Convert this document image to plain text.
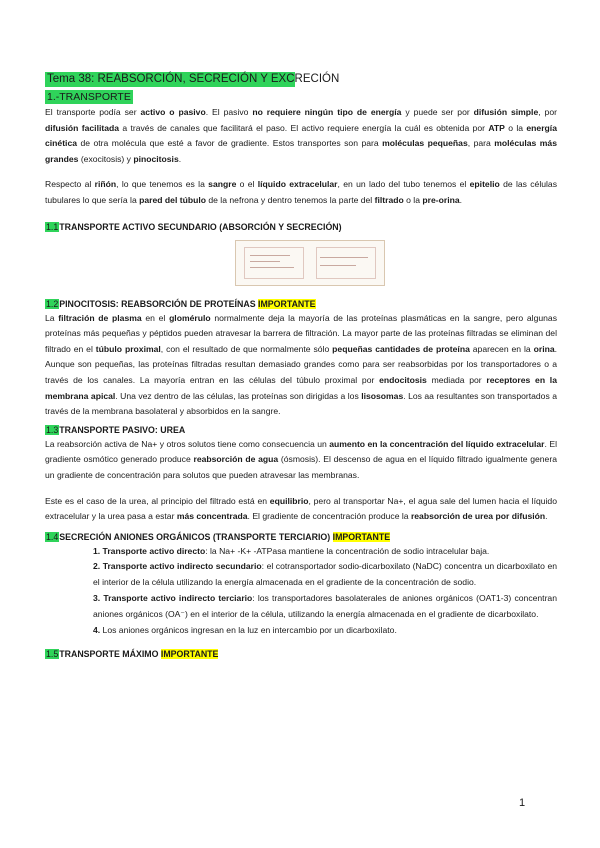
Tema 38: REABSORCIÓN, SECRECIÓN Y EXCRECIÓN
1.-TRANSPORTE

El transporte podía ser activo o pasivo. El pasivo no requiere ningún tipo de energía y puede ser por difusión simple, por difusión facilitada a través de canales que facilitará el paso. El activo requiere energía la cuál es obtenida por ATP o la energía cinética de otra molécula que esté a favor de gradiente. Estos transportes son para moléculas pequeñas, para moléculas más grandes (exocitosis) y pinocitosis.

Respecto al riñón, lo que tenemos es la sangre o el líquido extracelular, en un lado del tubo tenemos el epitelio de las células tubulares lo que sería la pared del túbulo de la nefrona y dentro tenemos la parte del filtrado o la pre-orina.

1.1TRANSPORTE ACTIVO SECUNDARIO (ABSORCIÓN Y SECRECIÓN)
1.2PINOCITOSIS: REABSORCIÓN DE PROTEÍNAS IMPORTANTE

La filtración de plasma en el glomérulo normalmente deja la mayoría de las proteínas plasmáticas en la sangre, pero algunas proteínas más pequeñas y péptidos pueden atravesar la barrera de filtración. La mayor parte de las proteínas filtradas se eliminan del filtrado en el túbulo proximal, con el resultado de que normalmente sólo pequeñas cantidades de proteína aparecen en la orina. Aunque son pequeñas, las proteínas filtradas resultan demasiado grandes como para ser reabsorbidas por los transportadores o a través de los canales. La mayoría entran en las células del túbulo proximal por endocitosis mediada por receptores en la membrana apical. Una vez dentro de las células, las proteínas son dirigidas a los lisosomas. Los aa resultantes son transportados a través de la membrana basolateral y absorbidos en la sangre.

1.3TRANSPORTE PASIVO: UREA

La reabsorción activa de Na+ y otros solutos tiene como consecuencia un aumento en la concentración del líquido extracelular. El gradiente osmótico generado produce reabsorción de agua (ósmosis). El descenso de agua en el líquido filtrado igualmente genera un gradiente de concentración para solutos que pueden atravesar las membranas.

Este es el caso de la urea, al principio del filtrado está en equilibrio, pero al transportar Na+, el agua sale del lumen hacia el líquido extracelular y la urea pasa a estar más concentrada. El gradiente de concentración produce la reabsorción de urea por difusión.

1.4SECRECIÓN ANIONES ORGÁNICOS (TRANSPORTE TERCIARIO) IMPORTANTE

1. Transporte activo directo: la Na+ -K+ -ATPasa mantiene la concentración de sodio intracelular baja.

2. Transporte activo indirecto secundario: el cotransportador sodio-dicarboxilato (NaDC) concentra un dicarboxilato en el interior de la célula utilizando la energía almacenada en el gradiente de la concentración de sodio.

3. Transporte activo indirecto terciario: los transportadores basolaterales de aniones orgánicos (OAT1-3) concentran aniones orgánicos (OA⁻) en el interior de la célula, utilizando la energía almacenada en el gradiente de dicarboxilato.

4. Los aniones orgánicos ingresan en la luz en intercambio por un dicarboxilato.

1.5TRANSPORTE MÁXIMO IMPORTANTE
1
